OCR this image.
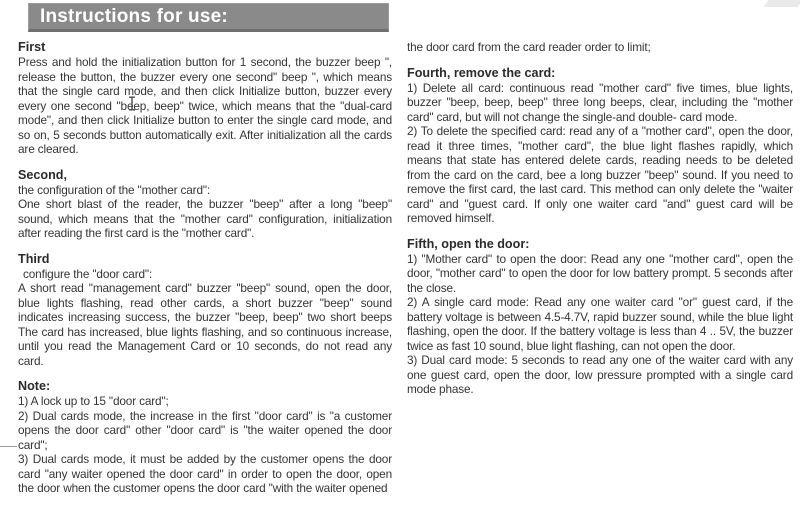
Instructions for use:
First

Press and hold the initialization button for 1 second, the buzzer beep ", release the button, the buzzer every one second" beep ", which means that the single card mode, and then click Initialize button, buzzer every every one second "beep, beep" twice, which means that the "dual-card mode", and then click Initialize button to enter the single card mode, and so on, 5 seconds button automatically exit. After initialization all the cards are cleared.

Second,

the configuration of the "mother card":

One short blast of the reader, the buzzer "beep" after a long "beep" sound, which means that the "mother card" configuration, initialization after reading the first card is the "mother card".

Third

configure the "door card":

A short read "management card" buzzer "beep" sound, open the door, blue lights flashing, read other cards, a short buzzer "beep" sound indicates increasing success, the buzzer "beep, beep" two short beeps The card has increased, blue lights flashing, and so continuous increase, until you read the Management Card or 10 seconds, do not read any card.

Note:

1) A lock up to 15 "door card";

2) Dual cards mode, the increase in the first "door card" is "a customer opens the door card" other "door card" is "the waiter opened the door card";

3) Dual cards mode, it must be added by the customer opens the door card "any waiter opened the door card" in order to open the door, open the door when the customer opens the door card "with the waiter opened

the door card from the card reader order to limit;

Fourth, remove the card:

1) Delete all card: continuous read "mother card" five times, blue lights, buzzer "beep, beep, beep" three long beeps, clear, including the "mother card" card, but will not change the single-and double- card mode.

2) To delete the specified card: read any of a "mother card", open the door, read it three times, "mother card", the blue light flashes rapidly, which means that state has entered delete cards, reading needs to be deleted from the card on the card, bee a long buzzer "beep" sound. If you need to remove the first card, the last card. This method can only delete the "waiter card" and "guest card. If only one waiter card "and" guest card will be removed himself.

Fifth, open the door:

1) "Mother card" to open the door: Read any one "mother card", open the door, "mother card" to open the door for low battery prompt. 5 seconds after the close.

2) A single card mode: Read any one waiter card "or" guest card, if the battery voltage is between 4.5-4.7V, rapid buzzer sound, while the blue light flashing, open the door. If the battery voltage is less than 4 .. 5V, the buzzer twice as fast 10 sound, blue light flashing, can not open the door.

3) Dual card mode: 5 seconds to read any one of the waiter card with any one guest card, open the door, low pressure prompted with a single card mode phase.
